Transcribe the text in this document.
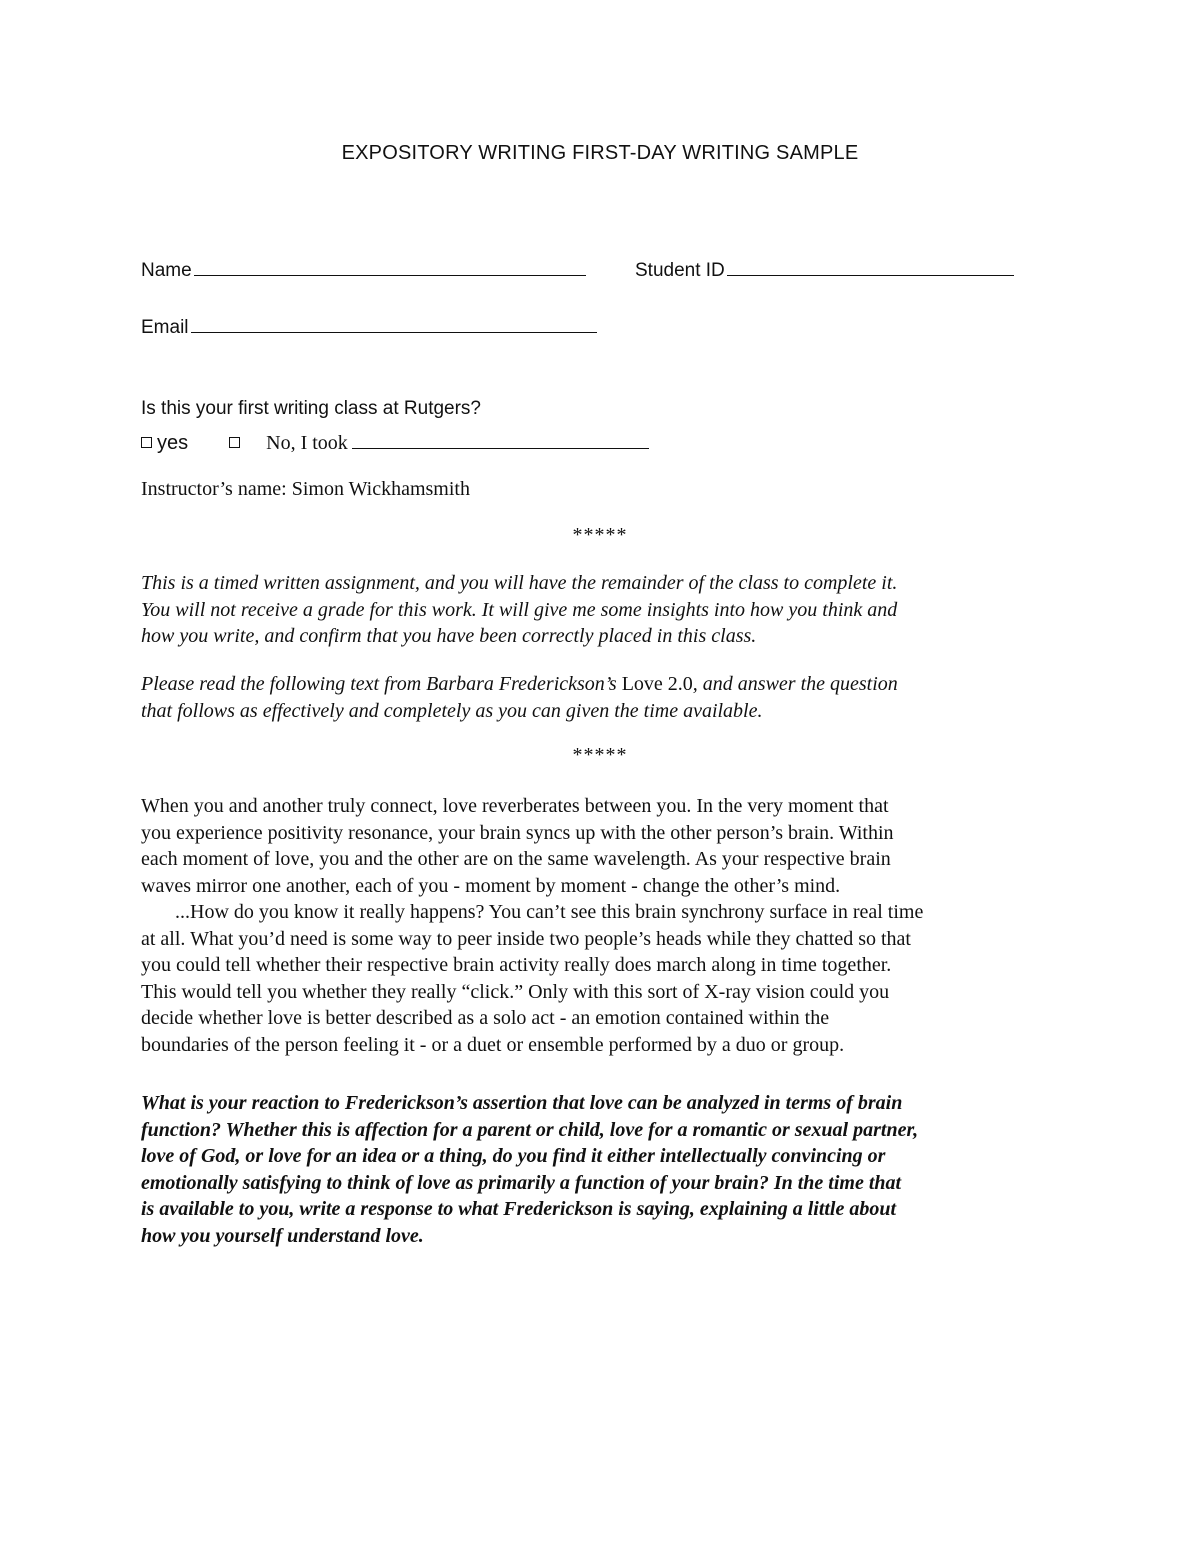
EXPOSITORY WRITING FIRST-DAY WRITING SAMPLE
Name	Student ID
Email
Is this your first writing class at Rutgers?
yes	No, I took
Instructor’s name: Simon Wickhamsmith
*****
This is a timed written assignment, and you will have the remainder of the class to complete it.
You will not receive a grade for this work. It will give me some insights into how you think and
how you write, and confirm that you have been correctly placed in this class.
Please read the following text from Barbara Frederickson’s Love 2.0, and answer the question
that follows as effectively and completely as you can given the time available.
*****
When you and another truly connect, love reverberates between you. In the very moment that
you experience positivity resonance, your brain syncs up with the other person’s brain. Within
each moment of love, you and the other are on the same wavelength. As your respective brain
waves mirror one another, each of you - moment by moment - change the other’s mind.
...How do you know it really happens? You can’t see this brain synchrony surface in real time
at all. What you’d need is some way to peer inside two people’s heads while they chatted so that
you could tell whether their respective brain activity really does march along in time together.
This would tell you whether they really “click.” Only with this sort of X-ray vision could you
decide whether love is better described as a solo act - an emotion contained within the
boundaries of the person feeling it - or a duet or ensemble performed by a duo or group.
What is your reaction to Frederickson’s assertion that love can be analyzed in terms of brain
function? Whether this is affection for a parent or child, love for a romantic or sexual partner,
love of God, or love for an idea or a thing, do you find it either intellectually convincing or
emotionally satisfying to think of love as primarily a function of your brain? In the time that
is available to you, write a response to what Frederickson is saying, explaining a little about
how you yourself understand love.
